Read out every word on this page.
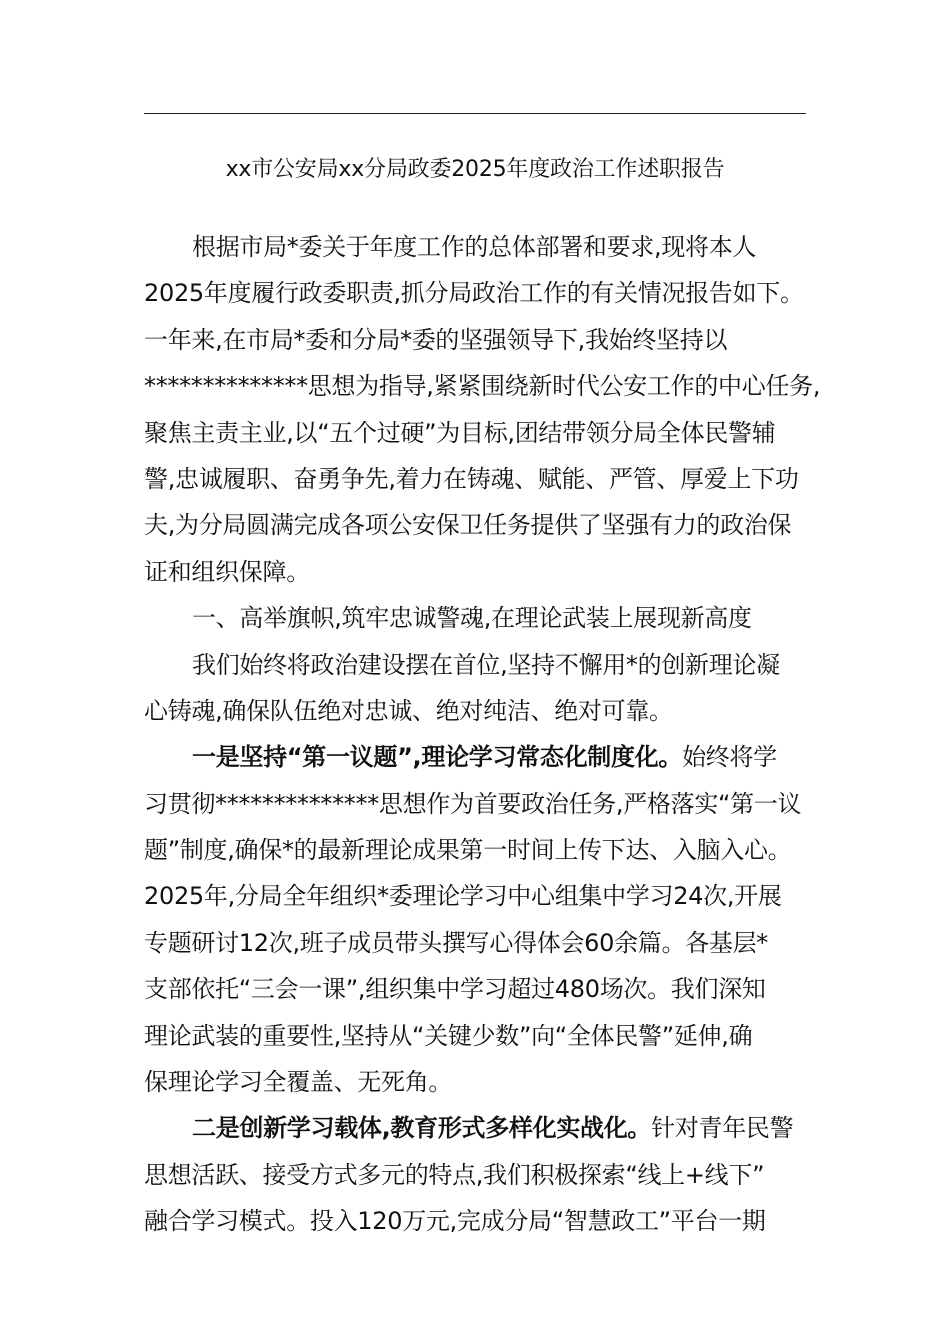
xx市公安局xx分局政委2025年度政治工作述职报告
根据市局*委关于年度工作的总体部署和要求,现将本人
2025年度履行政委职责,抓分局政治工作的有关情况报告如下。
一年来,在市局*委和分局*委的坚强领导下,我始终坚持以
**************思想为指导,紧紧围绕新时代公安工作的中心任务,
聚焦主责主业,以“五个过硬”为目标,团结带领分局全体民警辅
警,忠诚履职、奋勇争先,着力在铸魂、赋能、严管、厚爱上下功
夫,为分局圆满完成各项公安保卫任务提供了坚强有力的政治保
证和组织保障。
一、高举旗帜,筑牢忠诚警魂,在理论武装上展现新高度
我们始终将政治建设摆在首位,坚持不懈用*的创新理论凝
心铸魂,确保队伍绝对忠诚、绝对纯洁、绝对可靠。
一是坚持“第一议题”,理论学习常态化制度化。始终将学
习贯彻**************思想作为首要政治任务,严格落实“第一议
题”制度,确保*的最新理论成果第一时间上传下达、入脑入心。
2025年,分局全年组织*委理论学习中心组集中学习24次,开展
专题研讨12次,班子成员带头撰写心得体会60余篇。各基层*
支部依托“三会一课”,组织集中学习超过480场次。我们深知
理论武装的重要性,坚持从“关键少数”向“全体民警”延伸,确
保理论学习全覆盖、无死角。
二是创新学习载体,教育形式多样化实战化。针对青年民警
思想活跃、接受方式多元的特点,我们积极探索“线上+线下”
融合学习模式。投入120万元,完成分局“智慧政工”平台一期
